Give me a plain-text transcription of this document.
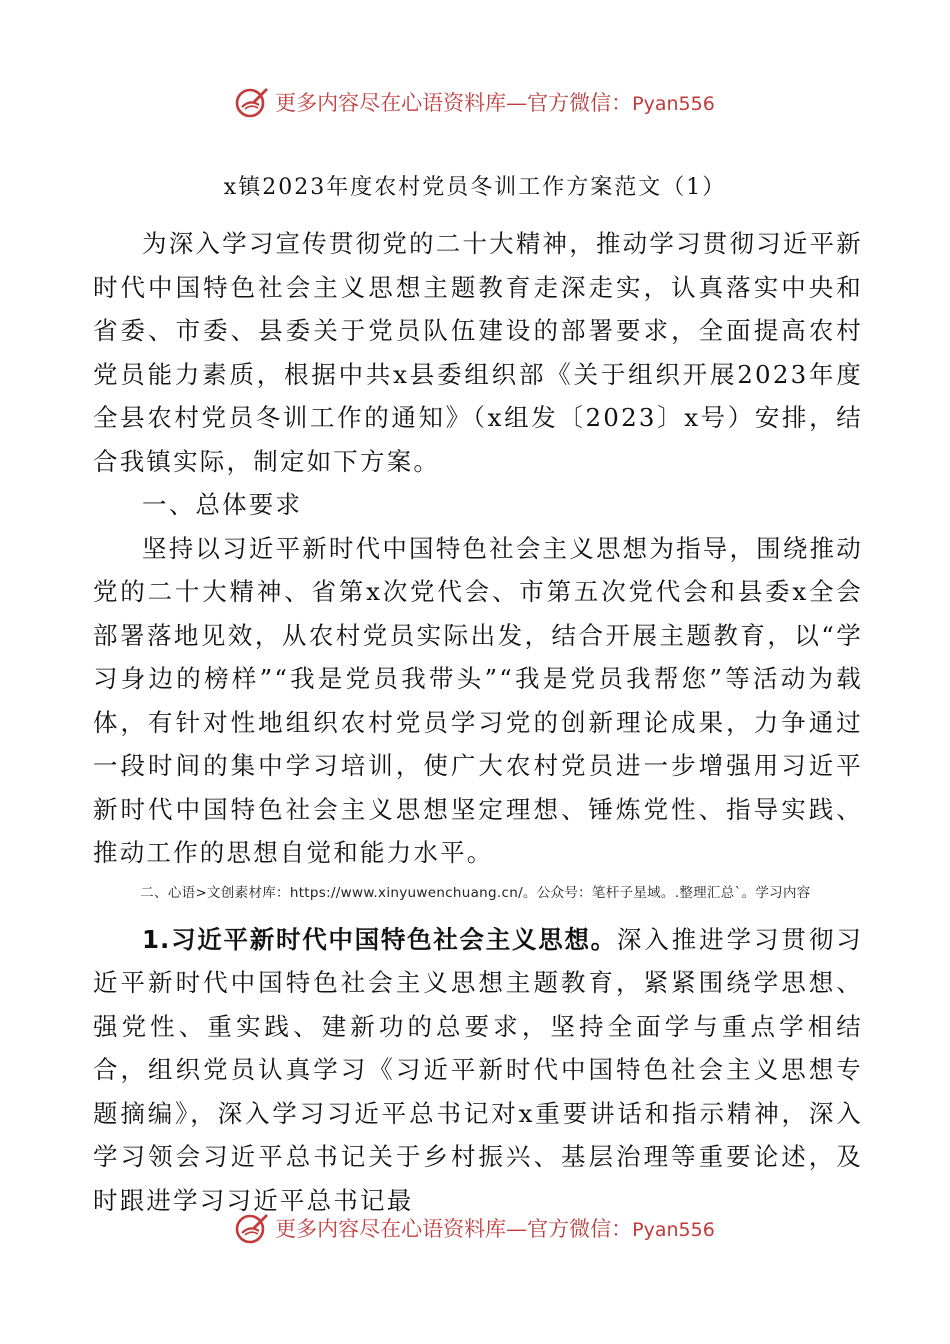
更多内容尽在心语资料库—官方微信：Pyan556
x镇2023年度农村党员冬训工作方案范文（1）

为深入学习宣传贯彻党的二十大精神，推动学习贯彻习近平新时代中国特色社会主义思想主题教育走深走实，认真落实中央和省委、市委、县委关于党员队伍建设的部署要求，全面提高农村党员能力素质，根据中共x县委组织部《关于组织开展2023年度全县农村党员冬训工作的通知》（x组发〔2023〕x号）安排，结合我镇实际，制定如下方案。

一、总体要求

坚持以习近平新时代中国特色社会主义思想为指导，围绕推动党的二十大精神、省第x次党代会、市第五次党代会和县委x全会部署落地见效，从农村党员实际出发，结合开展主题教育，以“学习身边的榜样”“我是党员我带头”“我是党员我帮您”等活动为载体，有针对性地组织农村党员学习党的创新理论成果，力争通过一段时间的集中学习培训，使广大农村党员进一步增强用习近平新时代中国特色社会主义思想坚定理想、锤炼党性、指导实践、推动工作的思想自觉和能力水平。

二、心语>文创素材库：https://www.xinyuwenchuang.cn/。公众号：笔杆子星域。.整理汇总`。学习内容

1.习近平新时代中国特色社会主义思想。深入推进学习贯彻习近平新时代中国特色社会主义思想主题教育，紧紧围绕学思想、强党性、重实践、建新功的总要求，坚持全面学与重点学相结合，组织党员认真学习《习近平新时代中国特色社会主义思想专题摘编》，深入学习习近平总书记对x重要讲话和指示精神，深入学习领会习近平总书记关于乡村振兴、基层治理等重要论述，及时跟进学习习近平总书记最

更多内容尽在心语资料库—官方微信：Pyan556
